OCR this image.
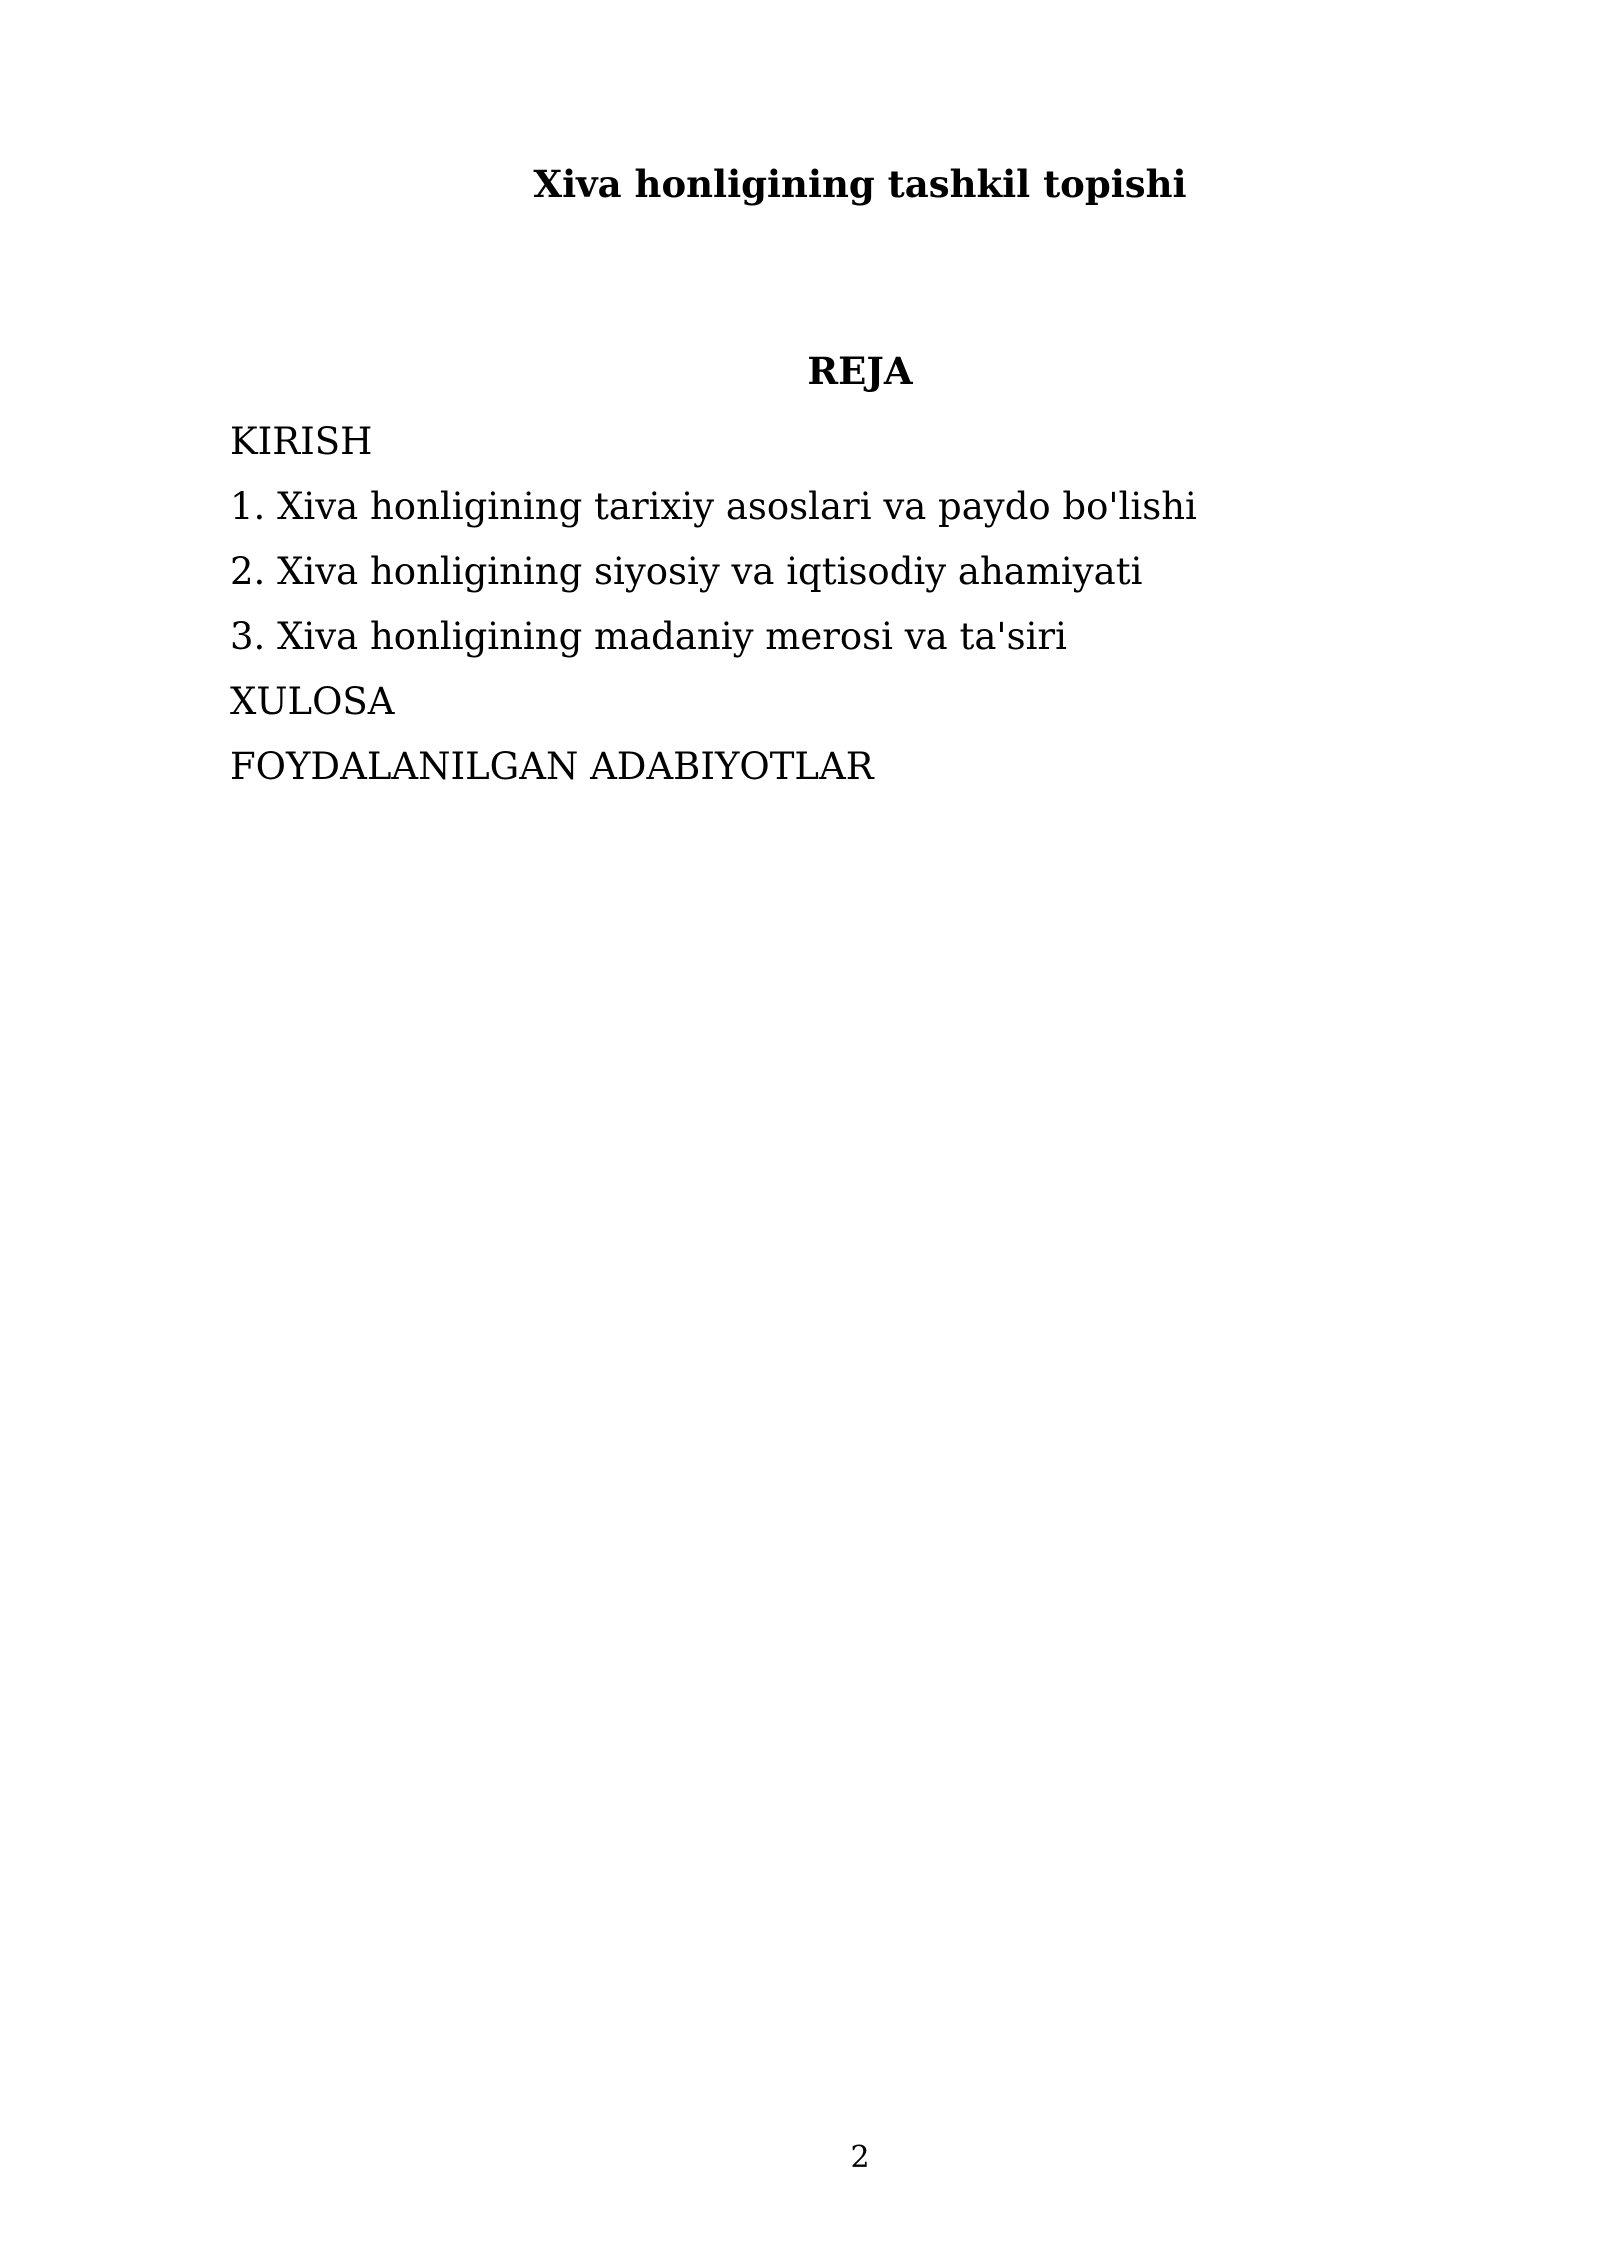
Xiva honligining tashkil topishi
REJA
KIRISH
1. Xiva honligining tarixiy asoslari va paydo bo'lishi
2. Xiva honligining siyosiy va iqtisodiy ahamiyati
3. Xiva honligining madaniy merosi va ta'siri
XULOSA
FOYDALANILGAN ADABIYOTLAR
2
